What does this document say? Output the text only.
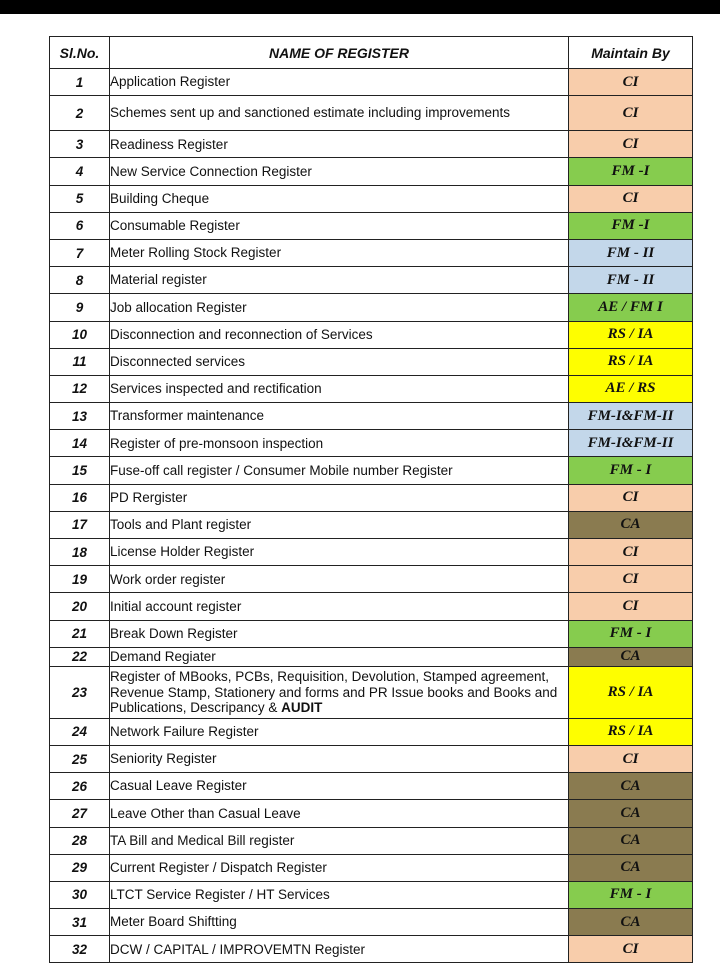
Sl.No.	NAME OF REGISTER	Maintain By
1	Application Register	CI
2	Schemes sent up and sanctioned estimate including improvements	CI
3	Readiness Register	CI
4	New Service Connection Register	FM -I
5	Building Cheque	CI
6	Consumable Register	FM -I
7	Meter Rolling Stock Register	FM - II
8	Material register	FM - II
9	Job allocation Register	AE / FM I
10	Disconnection and reconnection of Services	RS / IA
11	Disconnected services	RS / IA
12	Services inspected and rectification	AE / RS
13	Transformer maintenance	FM-I&FM-II
14	Register of pre-monsoon inspection	FM-I&FM-II
15	Fuse-off call register / Consumer Mobile number Register	FM - I
16	PD Rergister	CI
17	Tools and Plant register	CA
18	License Holder Register	CI
19	Work order register	CI
20	Initial account register	CI
21	Break Down Register	FM - I
22	Demand Regiater	CA
23	Register of MBooks, PCBs, Requisition, Devolution, Stamped agreement, Revenue Stamp, Stationery and forms and PR Issue books and Books and Publications, Descripancy & AUDIT	RS / IA
24	Network Failure Register	RS / IA
25	Seniority Register	CI
26	Casual Leave Register	CA
27	Leave Other than Casual Leave	CA
28	TA Bill and Medical Bill register	CA
29	Current Register / Dispatch Register	CA
30	LTCT Service Register / HT Services	FM - I
31	Meter Board Shiftting	CA
32	DCW / CAPITAL / IMPROVEMTN Register	CI
